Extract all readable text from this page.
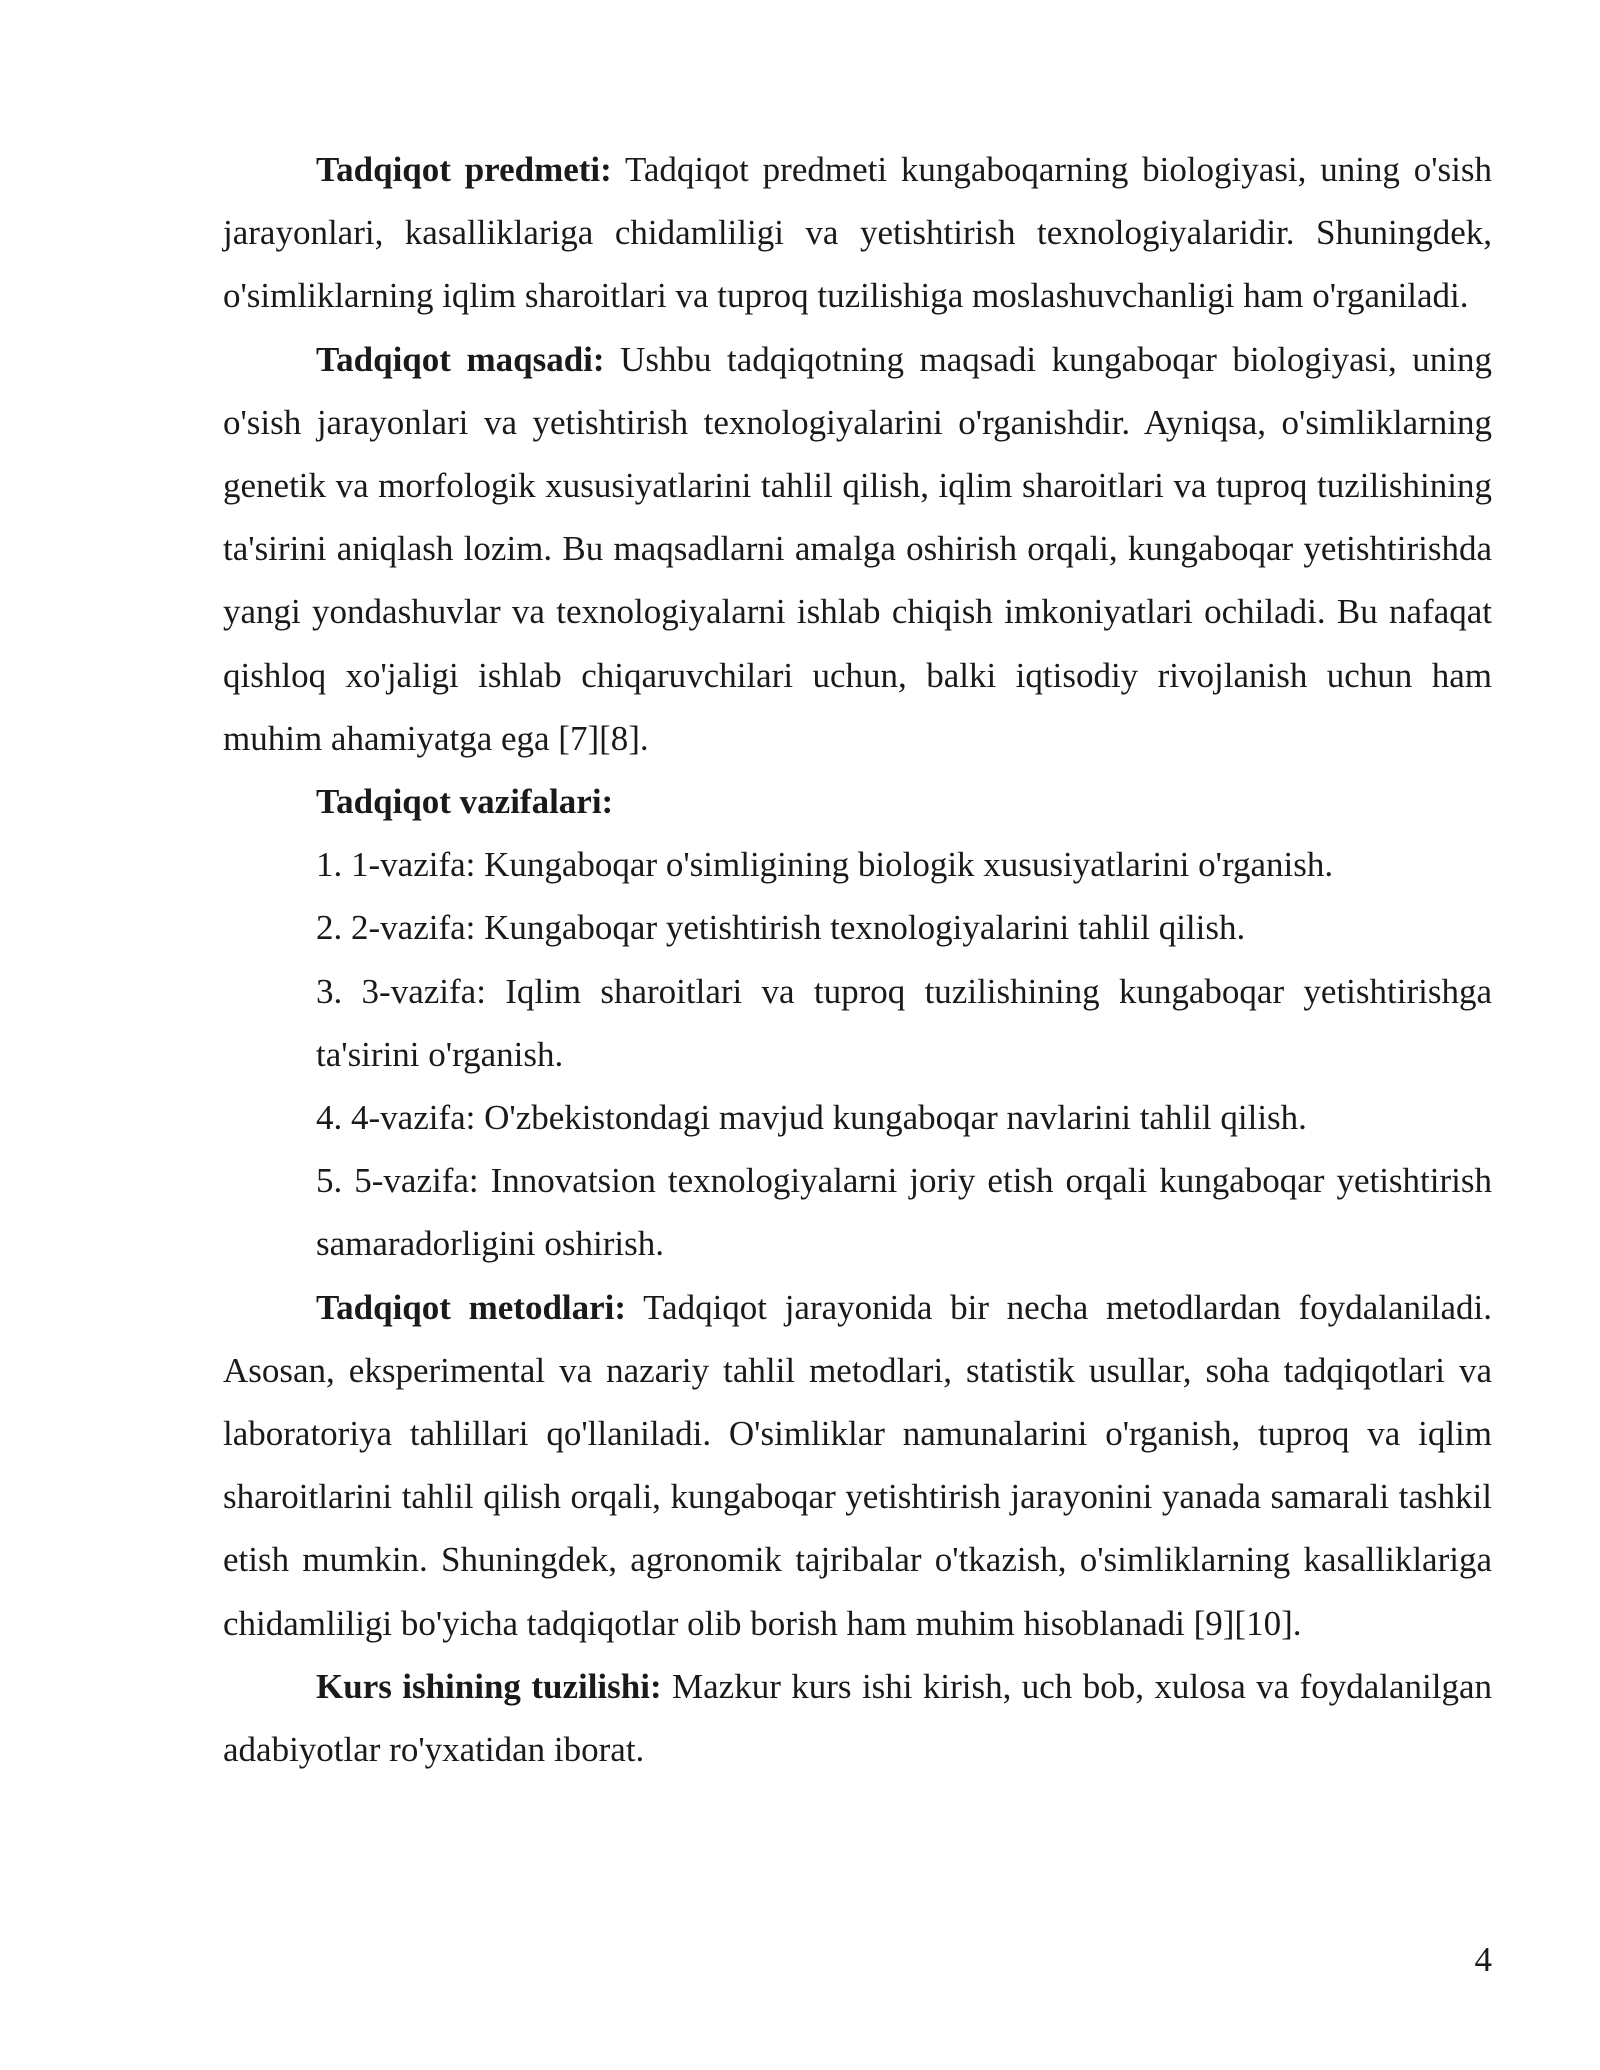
Tadqiqot predmeti: Tadqiqot predmeti kungaboqarning biologiyasi, uning o'sish jarayonlari, kasalliklariga chidamliligi va yetishtirish texnologiyalaridir. Shuningdek, o'simliklarning iqlim sharoitlari va tuproq tuzilishiga moslashuvchanligi ham o'rganiladi.

Tadqiqot maqsadi: Ushbu tadqiqotning maqsadi kungaboqar biologiyasi, uning o'sish jarayonlari va yetishtirish texnologiyalarini o'rganishdir. Ayniqsa, o'simliklarning genetik va morfologik xususiyatlarini tahlil qilish, iqlim sharoitlari va tuproq tuzilishining ta'sirini aniqlash lozim. Bu maqsadlarni amalga oshirish orqali, kungaboqar yetishtirishda yangi yondashuvlar va texnologiyalarni ishlab chiqish imkoniyatlari ochiladi. Bu nafaqat qishloq xo'jaligi ishlab chiqaruvchilari uchun, balki iqtisodiy rivojlanish uchun ham muhim ahamiyatga ega [7][8].

Tadqiqot vazifalari:

1. 1-vazifa: Kungaboqar o'simligining biologik xususiyatlarini o'rganish.

2. 2-vazifa: Kungaboqar yetishtirish texnologiyalarini tahlil qilish.

3. 3-vazifa: Iqlim sharoitlari va tuproq tuzilishining kungaboqar yetishtirishga ta'sirini o'rganish.

4. 4-vazifa: O'zbekistondagi mavjud kungaboqar navlarini tahlil qilish.

5. 5-vazifa: Innovatsion texnologiyalarni joriy etish orqali kungaboqar yetishtirish samaradorligini oshirish.

Tadqiqot metodlari: Tadqiqot jarayonida bir necha metodlardan foydalaniladi. Asosan, eksperimental va nazariy tahlil metodlari, statistik usullar, soha tadqiqotlari va laboratoriya tahlillari qo'llaniladi. O'simliklar namunalarini o'rganish, tuproq va iqlim sharoitlarini tahlil qilish orqali, kungaboqar yetishtirish jarayonini yanada samarali tashkil etish mumkin. Shuningdek, agronomik tajribalar o'tkazish, o'simliklarning kasalliklariga chidamliligi bo'yicha tadqiqotlar olib borish ham muhim hisoblanadi [9][10].

Kurs ishining tuzilishi: Mazkur kurs ishi kirish, uch bob, xulosa va foydalanilgan adabiyotlar ro'yxatidan iborat.

4
